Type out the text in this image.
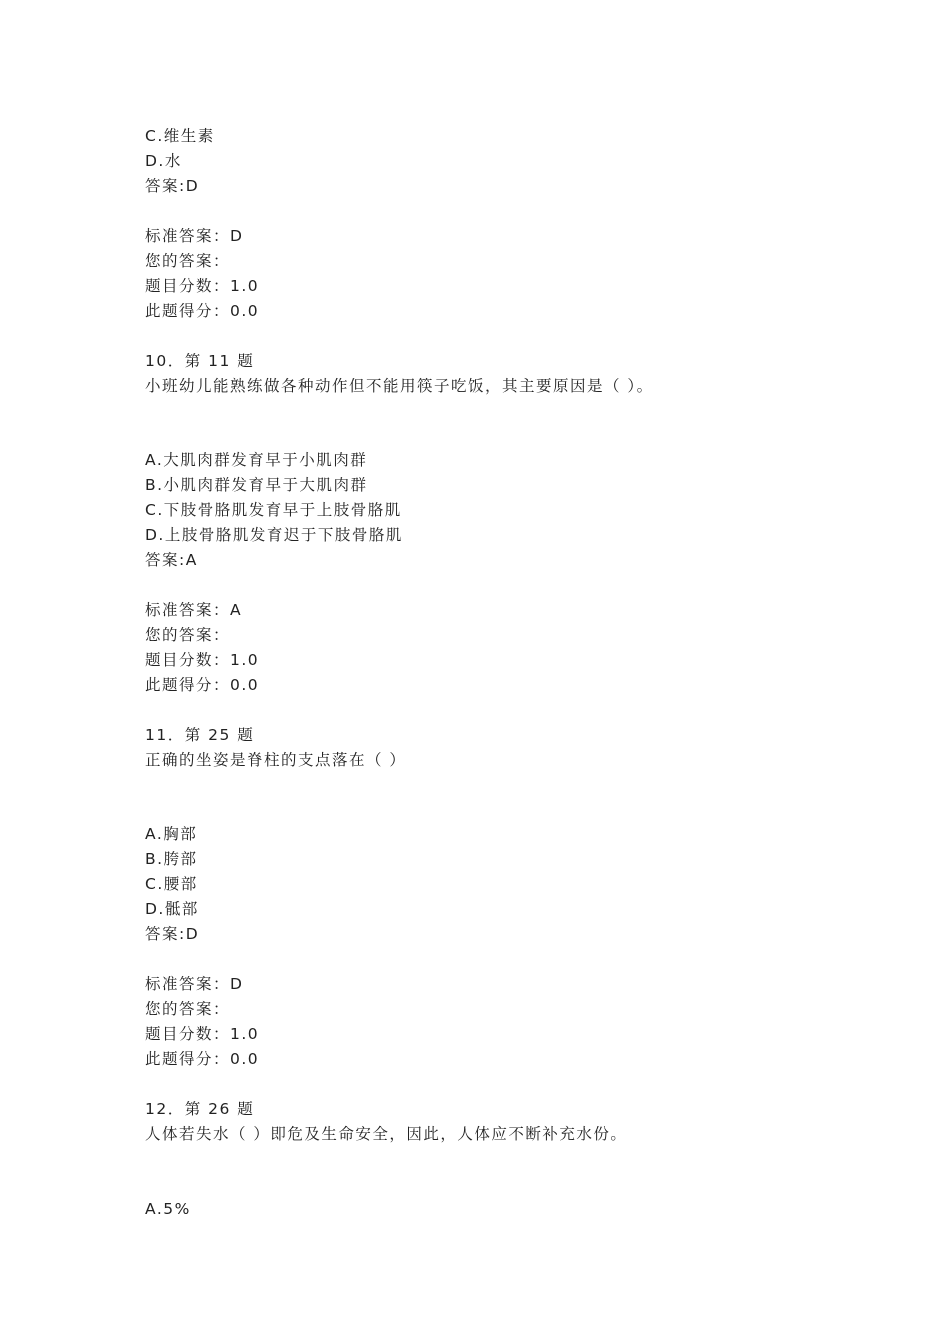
C.维生素
D.水
答案:D
标准答案：D
您的答案：
题目分数：1.0
此题得分：0.0
10．第 11 题
小班幼儿能熟练做各种动作但不能用筷子吃饭，其主要原因是（ ）。
A.大肌肉群发育早于小肌肉群
B.小肌肉群发育早于大肌肉群
C.下肢骨胳肌发育早于上肢骨胳肌
D.上肢骨胳肌发育迟于下肢骨胳肌
答案:A
标准答案：A
您的答案：
题目分数：1.0
此题得分：0.0
11．第 25 题
正确的坐姿是脊柱的支点落在（ ）
A.胸部
B.胯部
C.腰部
D.骶部
答案:D
标准答案：D
您的答案：
题目分数：1.0
此题得分：0.0
12．第 26 题
人体若失水（ ）即危及生命安全，因此，人体应不断补充水份。
A.5%
